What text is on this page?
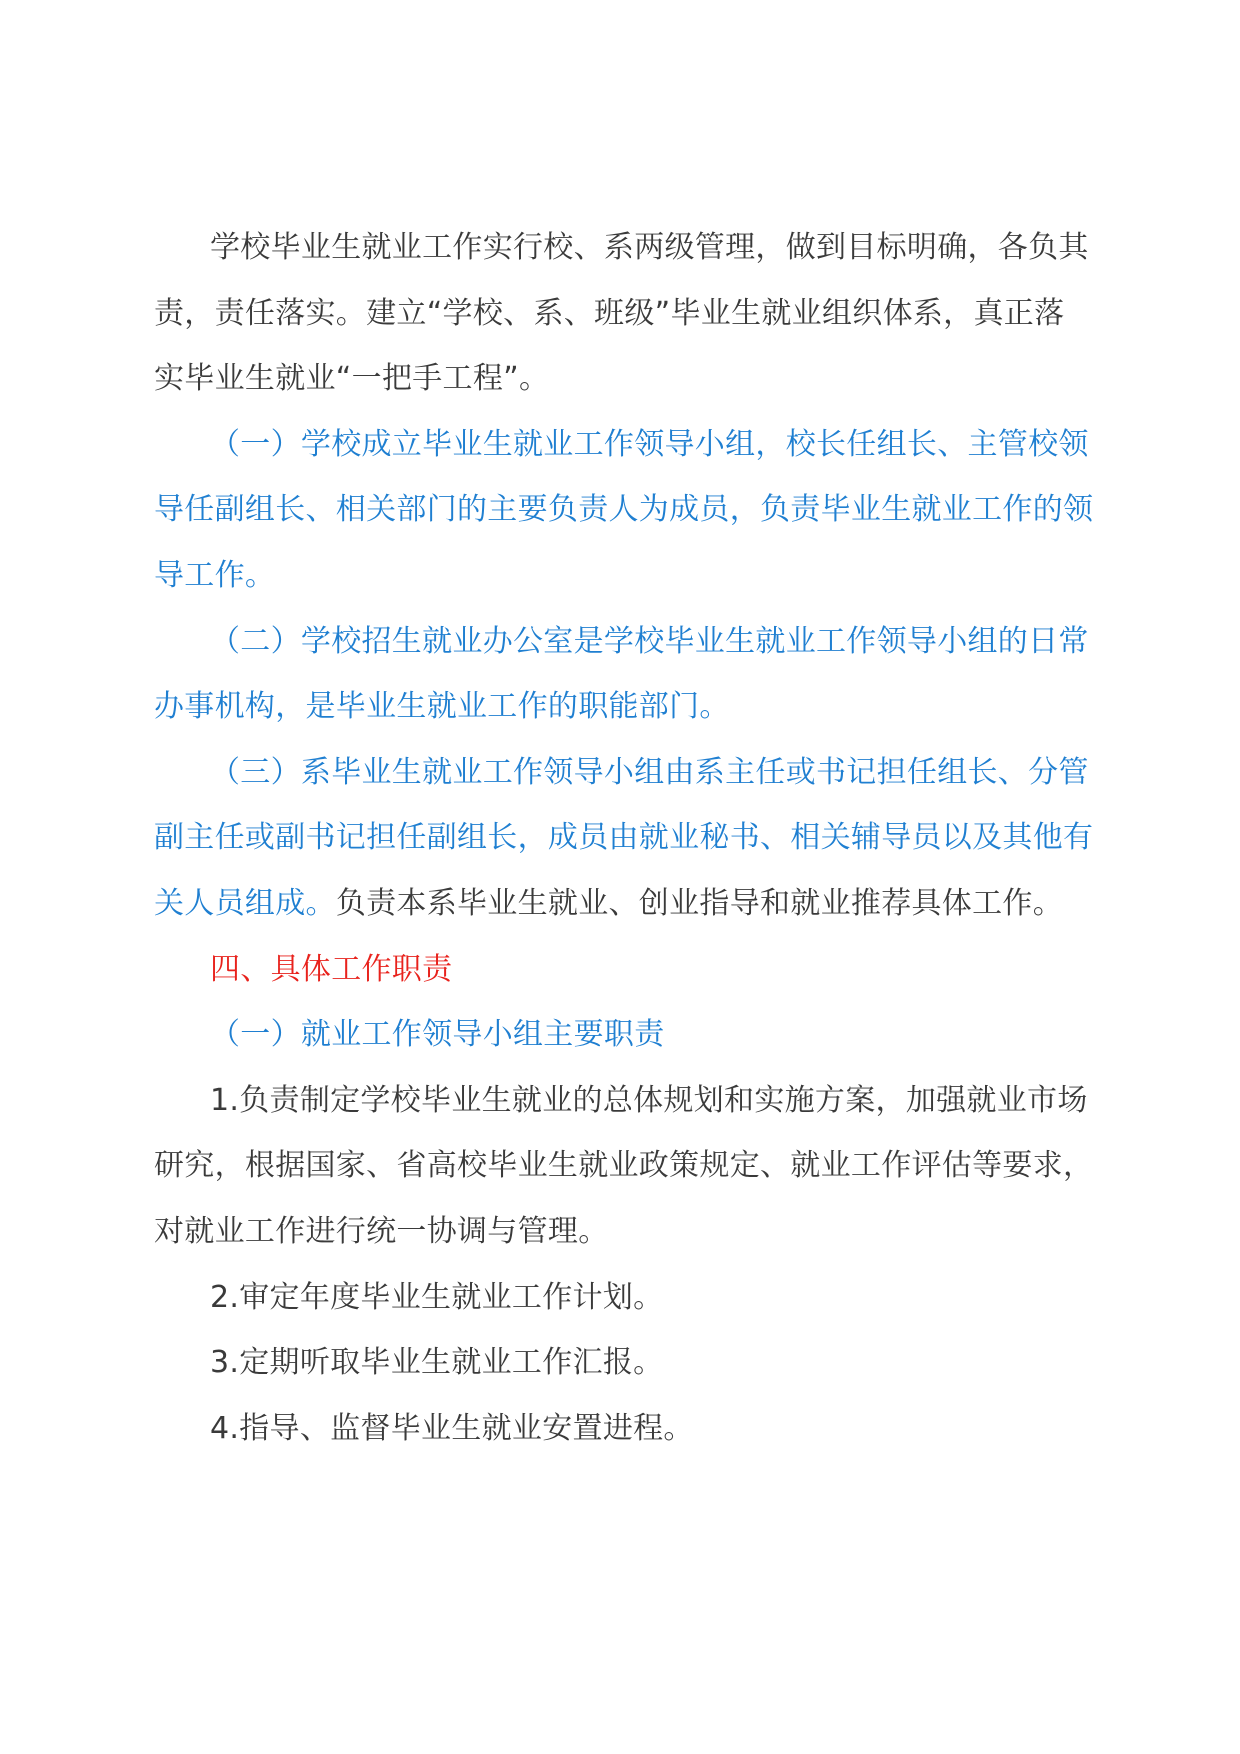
学校毕业生就业工作实行校、系两级管理，做到目标明确，各负其责，责任落实。建立“学校、系、班级”毕业生就业组织体系，真正落实毕业生就业“一把手工程”。

（一）学校成立毕业生就业工作领导小组，校长任组长、主管校领导任副组长、相关部门的主要负责人为成员，负责毕业生就业工作的领导工作。

（二）学校招生就业办公室是学校毕业生就业工作领导小组的日常办事机构，是毕业生就业工作的职能部门。

（三）系毕业生就业工作领导小组由系主任或书记担任组长、分管副主任或副书记担任副组长，成员由就业秘书、相关辅导员以及其他有关人员组成。负责本系毕业生就业、创业指导和就业推荐具体工作。

四、具体工作职责

（一）就业工作领导小组主要职责

1.负责制定学校毕业生就业的总体规划和实施方案，加强就业市场研究，根据国家、省高校毕业生就业政策规定、就业工作评估等要求，对就业工作进行统一协调与管理。

2.审定年度毕业生就业工作计划。

3.定期听取毕业生就业工作汇报。

4.指导、监督毕业生就业安置进程。
